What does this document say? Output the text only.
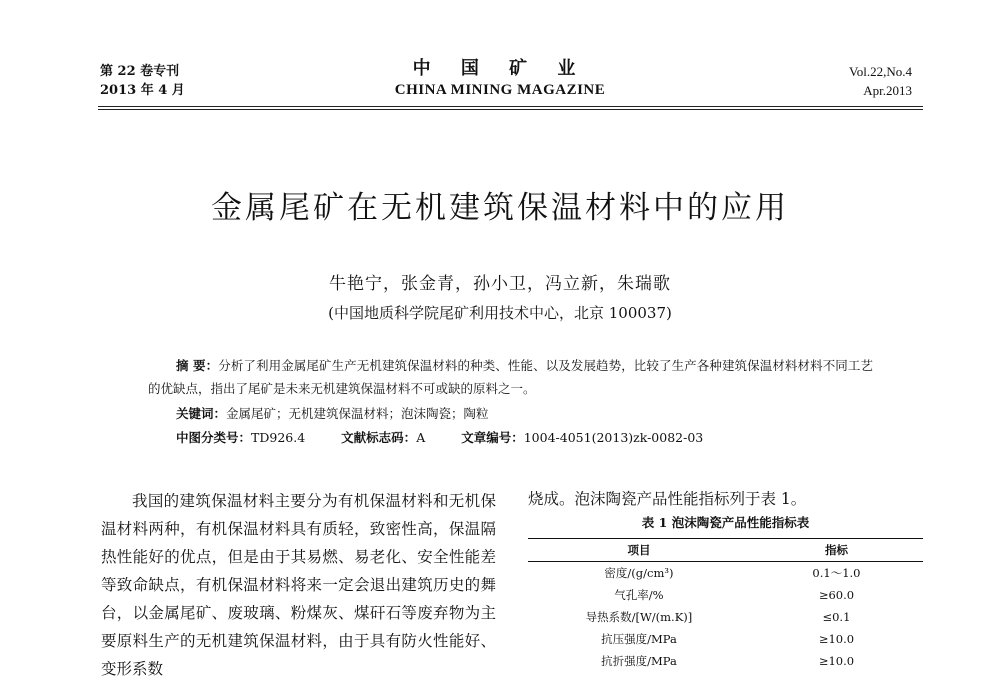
第 22 卷专刊
2013 年 4 月
中 国 矿 业
CHINA MINING MAGAZINE
Vol.22,No.4
Apr.2013
金属尾矿在无机建筑保温材料中的应用
牛艳宁，张金青，孙小卫，冯立新，朱瑞歌
(中国地质科学院尾矿利用技术中心，北京 100037)
摘 要：分析了利用金属尾矿生产无机建筑保温材料的种类、性能、以及发展趋势，比较了生产各种建筑保温材料材料不同工艺的优缺点，指出了尾矿是未来无机建筑保温材料不可或缺的原料之一。
关键词：金属尾矿；无机建筑保温材料；泡沫陶瓷；陶粒
中图分类号：TD926.4	文献标志码：A	文章编号：1004-4051(2013)zk-0082-03
我国的建筑保温材料主要分为有机保温材料和无机保温材料两种，有机保温材料具有质轻，致密性高，保温隔热性能好的优点，但是由于其易燃、易老化、安全性能差等致命缺点，有机保温材料将来一定会退出建筑历史的舞台，以金属尾矿、废玻璃、粉煤灰、煤矸石等废弃物为主要原料生产的无机建筑保温材料，由于具有防火性能好、变形系数
烧成。泡沫陶瓷产品性能指标列于表 1。
表 1 泡沫陶瓷产品性能指标表
项目	指标
密度/(g/cm³)	0.1～1.0
气孔率/%	≥60.0
导热系数/[W/(m.K)]	≤0.1
抗压强度/MPa	≥10.0
抗折强度/MPa	≥10.0
